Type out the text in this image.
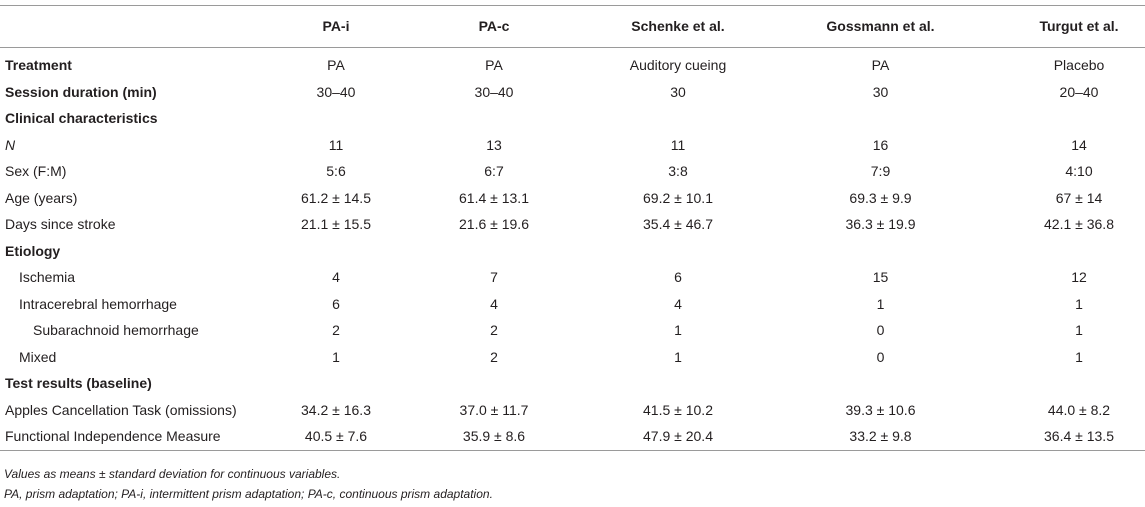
	PA-i	PA-c	Schenke et al.	Gossmann et al.	Turgut et al.
Treatment	PA	PA	Auditory cueing	PA	Placebo
Session duration (min)	30–40	30–40	30	30	20–40
Clinical characteristics					
N	11	13	11	16	14
Sex (F:M)	5:6	6:7	3:8	7:9	4:10
Age (years)	61.2 ± 14.5	61.4 ± 13.1	69.2 ± 10.1	69.3 ± 9.9	67 ± 14
Days since stroke	21.1 ± 15.5	21.6 ± 19.6	35.4 ± 46.7	36.3 ± 19.9	42.1 ± 36.8
Etiology					
Ischemia	4	7	6	15	12
Intracerebral hemorrhage	6	4	4	1	1
Subarachnoid hemorrhage	2	2	1	0	1
Mixed	1	2	1	0	1
Test results (baseline)					
Apples Cancellation Task (omissions)	34.2 ± 16.3	37.0 ± 11.7	41.5 ± 10.2	39.3 ± 10.6	44.0 ± 8.2
Functional Independence Measure	40.5 ± 7.6	35.9 ± 8.6	47.9 ± 20.4	33.2 ± 9.8	36.4 ± 13.5
Values as means ± standard deviation for continuous variables.
PA, prism adaptation; PA-i, intermittent prism adaptation; PA-c, continuous prism adaptation.
